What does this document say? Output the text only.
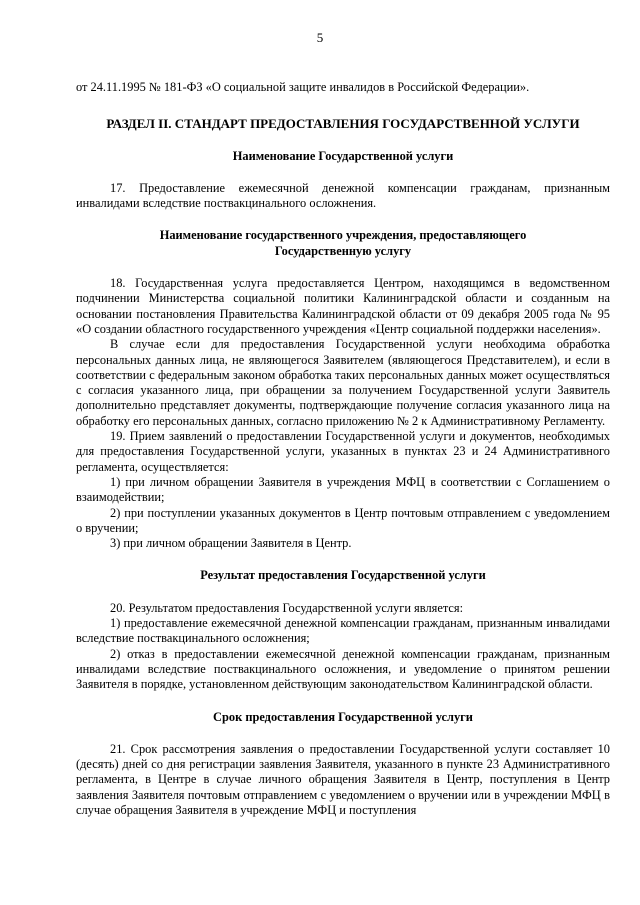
5

от 24.11.1995 № 181-ФЗ «О социальной защите инвалидов в Российской Федерации».

РАЗДЕЛ II. СТАНДАРТ ПРЕДОСТАВЛЕНИЯ ГОСУДАРСТВЕННОЙ УСЛУГИ

Наименование Государственной услуги

17. Предоставление ежемесячной денежной компенсации гражданам, признанным инвалидами вследствие поствакцинального осложнения.

Наименование государственного учреждения, предоставляющего

Государственную услугу

18. Государственная услуга предоставляется Центром, находящимся в ведомственном подчинении Министерства социальной политики Калининградской области и созданным на основании постановления Правительства Калининградской области от 09 декабря 2005 года № 95 «О создании областного государственного учреждения «Центр социальной поддержки населения».

В случае если для предоставления Государственной услуги необходима обработка персональных данных лица, не являющегося Заявителем (являющегося Представителем), и если в соответствии с федеральным законом обработка таких персональных данных может осуществляться с согласия указанного лица, при обращении за получением Государственной услуги Заявитель дополнительно представляет документы, подтверждающие получение согласия указанного лица на обработку его персональных данных, согласно приложению № 2 к Административному Регламенту.

19. Прием заявлений о предоставлении Государственной услуги и документов, необходимых для предоставления Государственной услуги, указанных в пунктах 23 и 24 Административного регламента, осуществляется:

1) при личном обращении Заявителя в учреждения МФЦ в соответствии с Соглашением о взаимодействии;

2) при поступлении указанных документов в Центр почтовым отправлением с уведомлением о вручении;

3) при личном обращении Заявителя в Центр.

Результат предоставления Государственной услуги

20. Результатом предоставления Государственной услуги является:

1) предоставление ежемесячной денежной компенсации гражданам, признанным инвалидами вследствие поствакцинального осложнения;

2) отказ в предоставлении ежемесячной денежной компенсации гражданам, признанным инвалидами вследствие поствакцинального осложнения, и уведомление о принятом решении Заявителя в порядке, установленном действующим законодательством Калининградской области.

Срок предоставления Государственной услуги

21. Срок рассмотрения заявления о предоставлении Государственной услуги составляет 10 (десять) дней со дня регистрации заявления Заявителя, указанного в пункте 23 Административного регламента, в Центре в случае личного обращения Заявителя в Центр, поступления в Центр заявления Заявителя почтовым отправлением с уведомлением о вручении или в учреждении МФЦ в случае обращения Заявителя в учреждение МФЦ и поступления
